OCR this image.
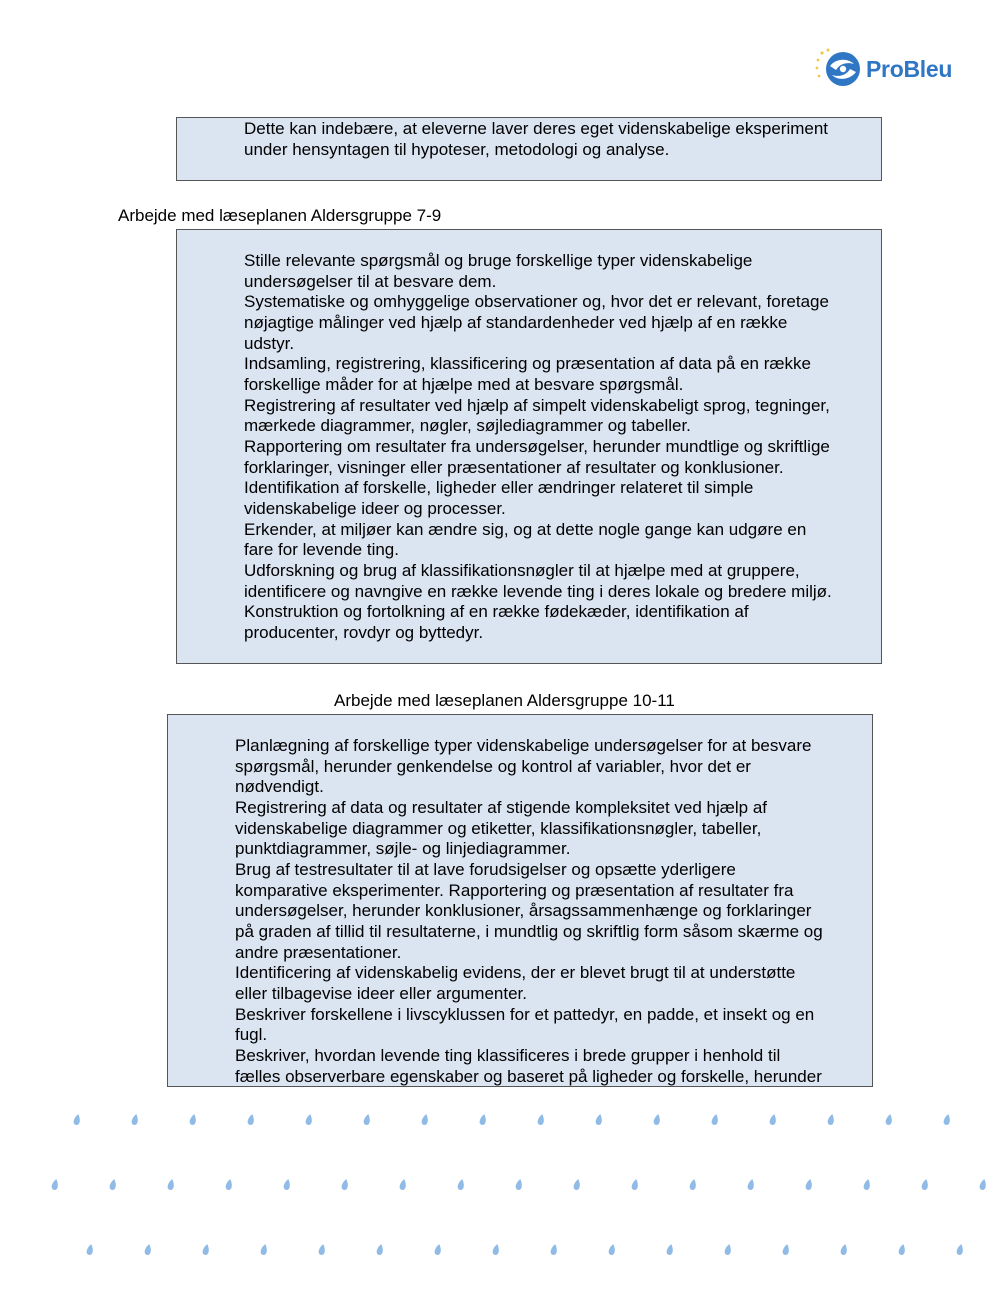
ProBleu
Dette kan indebære, at eleverne laver deres eget videnskabelige eksperiment
under hensyntagen til hypoteser, metodologi og analyse.
Arbejde med læseplanen Aldersgruppe 7-9
Stille relevante spørgsmål og bruge forskellige typer videnskabelige
undersøgelser til at besvare dem.
Systematiske og omhyggelige observationer og, hvor det er relevant, foretage
nøjagtige målinger ved hjælp af standardenheder ved hjælp af en række
udstyr.
Indsamling, registrering, klassificering og præsentation af data på en række
forskellige måder for at hjælpe med at besvare spørgsmål.
Registrering af resultater ved hjælp af simpelt videnskabeligt sprog, tegninger,
mærkede diagrammer, nøgler, søjlediagrammer og tabeller.
Rapportering om resultater fra undersøgelser, herunder mundtlige og skriftlige
forklaringer, visninger eller præsentationer af resultater og konklusioner.
Identifikation af forskelle, ligheder eller ændringer relateret til simple
videnskabelige ideer og processer.
Erkender, at miljøer kan ændre sig, og at dette nogle gange kan udgøre en
fare for levende ting.
Udforskning og brug af klassifikationsnøgler til at hjælpe med at gruppere,
identificere og navngive en række levende ting i deres lokale og bredere miljø.
Konstruktion og fortolkning af en række fødekæder, identifikation af
producenter, rovdyr og byttedyr.
Arbejde med læseplanen Aldersgruppe 10-11
Planlægning af forskellige typer videnskabelige undersøgelser for at besvare
spørgsmål, herunder genkendelse og kontrol af variabler, hvor det er
nødvendigt.
Registrering af data og resultater af stigende kompleksitet ved hjælp af
videnskabelige diagrammer og etiketter, klassifikationsnøgler, tabeller,
punktdiagrammer, søjle- og linjediagrammer.
Brug af testresultater til at lave forudsigelser og opsætte yderligere
komparative eksperimenter. Rapportering og præsentation af resultater fra
undersøgelser, herunder konklusioner, årsagssammenhænge og forklaringer
på graden af tillid til resultaterne, i mundtlig og skriftlig form såsom skærme og
andre præsentationer.
Identificering af videnskabelig evidens, der er blevet brugt til at understøtte
eller tilbagevise ideer eller argumenter.
Beskriver forskellene i livscyklussen for et pattedyr, en padde, et insekt og en
fugl.
Beskriver, hvordan levende ting klassificeres i brede grupper i henhold til
fælles observerbare egenskaber og baseret på ligheder og forskelle, herunder
